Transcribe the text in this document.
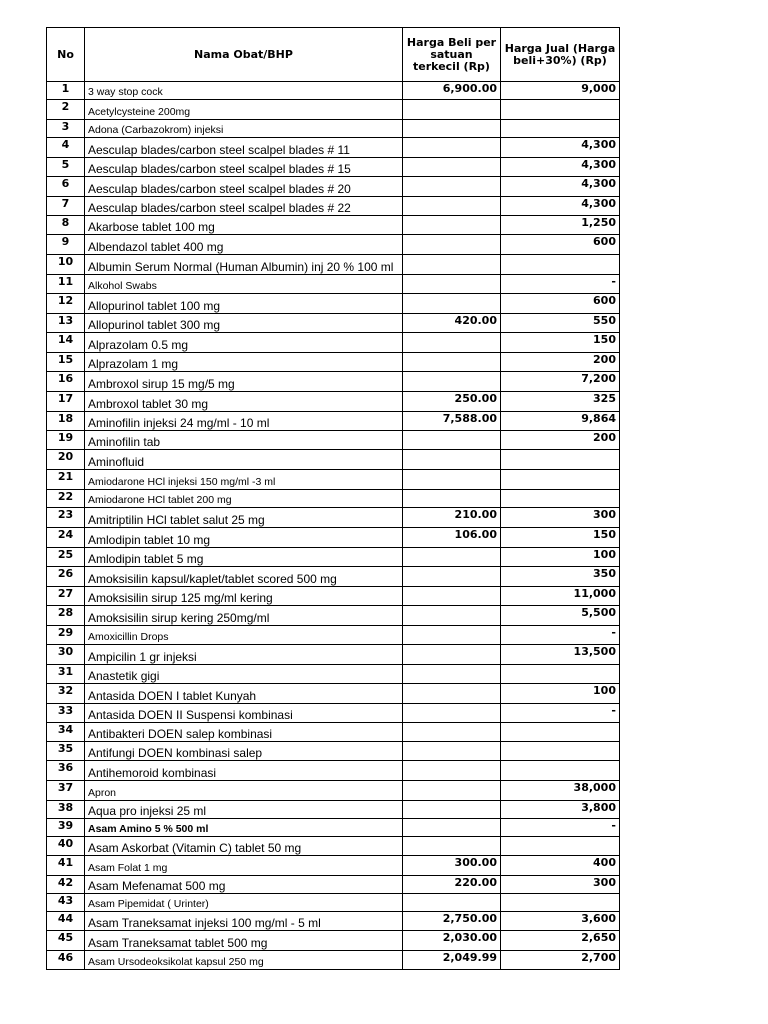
No	Nama Obat/BHP	Harga Beli per satuan terkecil (Rp)	Harga Jual (Harga beli+30%) (Rp)
1	3 way stop cock	6,900.00	9,000
2	Acetylcysteine 200mg		
3	Adona (Carbazokrom) injeksi		
4	Aesculap blades/carbon steel scalpel blades # 11		4,300
5	Aesculap blades/carbon steel scalpel blades # 15		4,300
6	Aesculap blades/carbon steel scalpel blades # 20		4,300
7	Aesculap blades/carbon steel scalpel blades # 22		4,300
8	Akarbose tablet 100 mg		1,250
9	Albendazol tablet 400 mg		600
10	Albumin Serum Normal (Human Albumin) inj 20 % 100 ml		
11	Alkohol Swabs		-
12	Allopurinol tablet 100 mg		600
13	Allopurinol tablet 300 mg	420.00	550
14	Alprazolam 0.5 mg		150
15	Alprazolam 1 mg		200
16	Ambroxol sirup 15 mg/5 mg		7,200
17	Ambroxol tablet 30 mg	250.00	325
18	Aminofilin injeksi 24 mg/ml - 10 ml	7,588.00	9,864
19	Aminofilin tab		200
20	Aminofluid		
21	Amiodarone HCl injeksi 150 mg/ml -3 ml		
22	Amiodarone HCl tablet 200 mg		
23	Amitriptilin HCl tablet salut 25 mg	210.00	300
24	Amlodipin tablet 10 mg	106.00	150
25	Amlodipin tablet 5 mg		100
26	Amoksisilin kapsul/kaplet/tablet scored 500 mg		350
27	Amoksisilin sirup 125 mg/ml kering		11,000
28	Amoksisilin sirup kering 250mg/ml		5,500
29	Amoxicillin Drops		-
30	Ampicilin 1 gr injeksi		13,500
31	Anastetik gigi		
32	Antasida DOEN I tablet Kunyah		100
33	Antasida DOEN II Suspensi kombinasi		-
34	Antibakteri DOEN salep kombinasi		
35	Antifungi DOEN kombinasi salep		
36	Antihemoroid kombinasi		
37	Apron		38,000
38	Aqua pro injeksi 25 ml		3,800
39	Asam Amino 5 % 500 ml		-
40	Asam Askorbat (Vitamin C) tablet 50 mg		
41	Asam Folat 1 mg	300.00	400
42	Asam Mefenamat 500 mg	220.00	300
43	Asam Pipemidat ( Urinter)		
44	Asam Traneksamat injeksi 100 mg/ml - 5 ml	2,750.00	3,600
45	Asam Traneksamat tablet 500 mg	2,030.00	2,650
46	Asam Ursodeoksikolat kapsul 250 mg	2,049.99	2,700
